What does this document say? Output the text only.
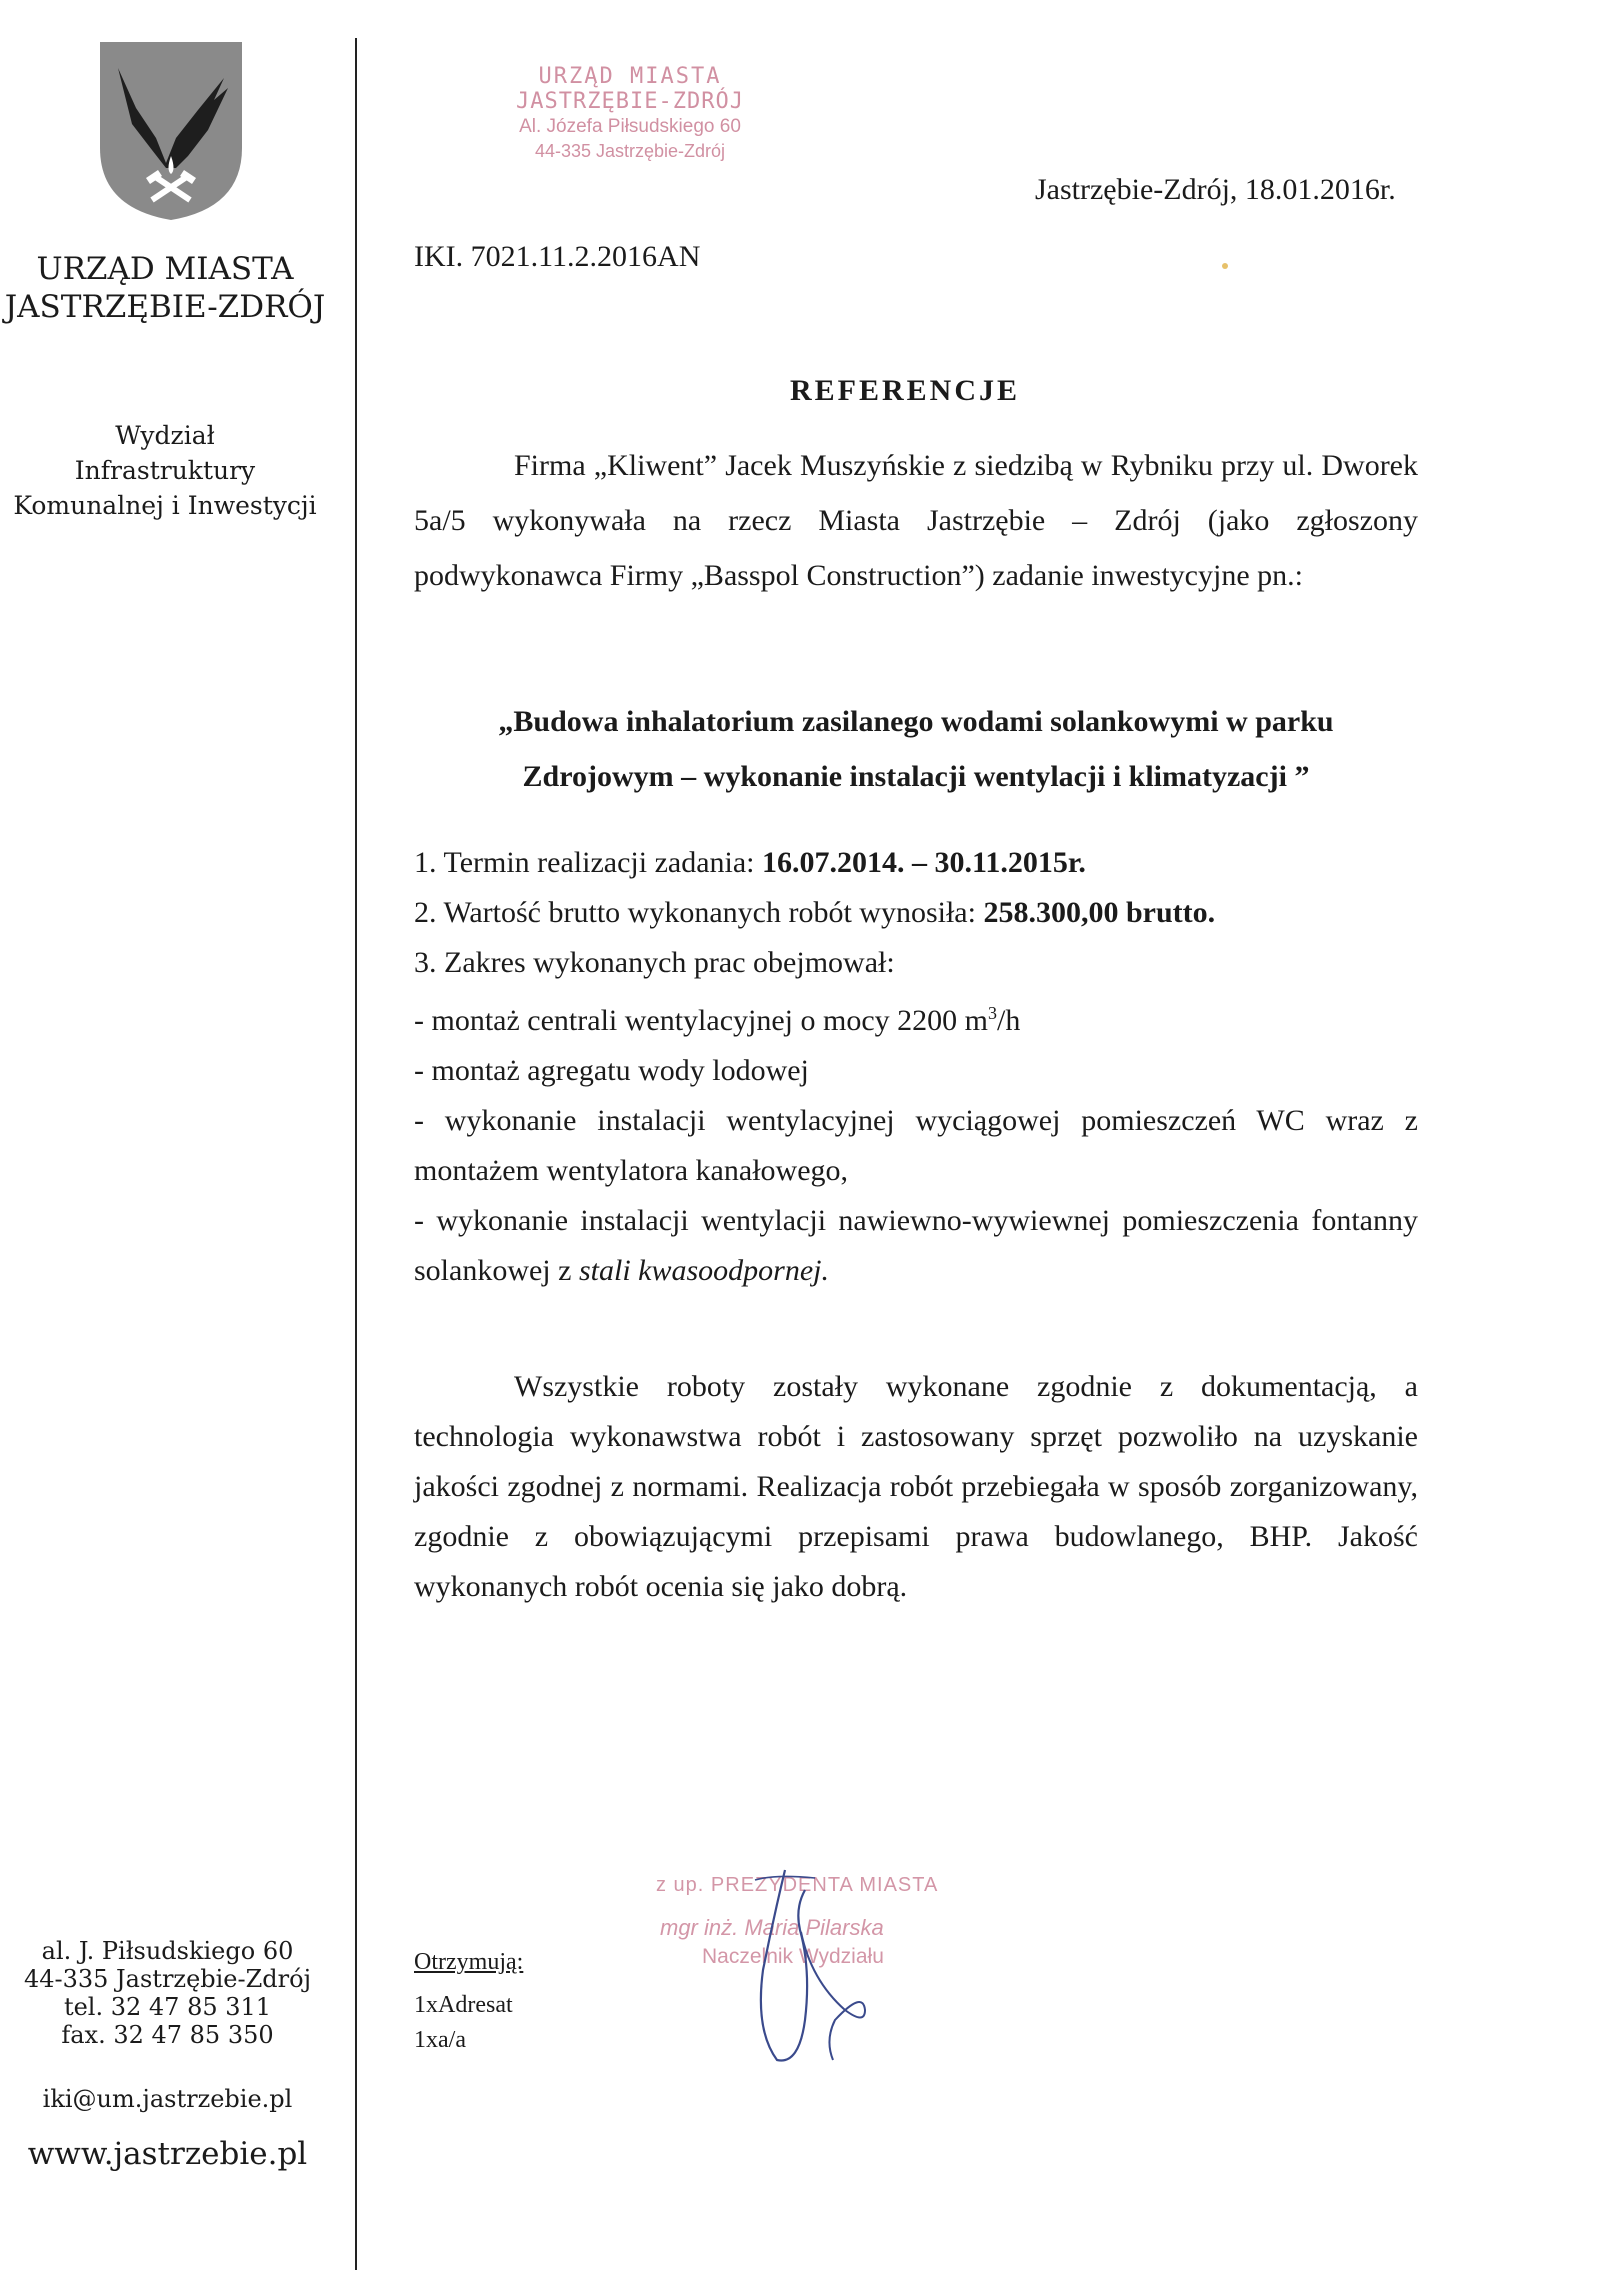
URZĄD MIASTA
JASTRZĘBIE-ZDRÓJ
Wydział
Infrastruktury
Komunalnej i Inwestycji
URZĄD MIASTA
JASTRZĘBIE-ZDRÓJ
Al. Józefa Piłsudskiego 60
44-335 Jastrzębie-Zdrój
Jastrzębie-Zdrój, 18.01.2016r.
IKI. 7021.11.2.2016AN
REFERENCJE
Firma „Kliwent” Jacek Muszyńskie z siedzibą w Rybniku przy ul. Dworek 5a/5 wykonywała na rzecz Miasta Jastrzębie – Zdrój (jako zgłoszony podwykonawca Firmy „Basspol Construction”) zadanie inwestycyjne pn.:
„Budowa inhalatorium zasilanego wodami solankowymi w parku
Zdrojowym – wykonanie instalacji wentylacji i klimatyzacji ”
1. Termin realizacji zadania: 16.07.2014. – 30.11.2015r.
2. Wartość brutto wykonanych robót wynosiła: 258.300,00 brutto.
3. Zakres wykonanych prac obejmował:
- montaż centrali wentylacyjnej o mocy 2200 $m^3/h$
- montaż agregatu wody lodowej
- wykonanie instalacji wentylacyjnej wyciągowej pomieszczeń WC wraz z montażem wentylatora kanałowego,
- wykonanie instalacji wentylacji nawiewno-wywiewnej pomieszczenia fontanny solankowej z stali kwasoodpornej.
Wszystkie roboty zostały wykonane zgodnie z dokumentacją, a technologia wykonawstwa robót i zastosowany sprzęt pozwoliło na uzyskanie jakości zgodnej z normami. Realizacja robót przebiegała w sposób zorganizowany, zgodnie z obowiązującymi przepisami prawa budowlanego, BHP. Jakość wykonanych robót ocenia się jako dobrą.
z up. PREZYDENTA MIASTA
mgr inż. Maria Pilarska
Naczelnik Wydziału
Otrzymują:
1xAdresat
1xa/a
al. J. Piłsudskiego 60
44-335 Jastrzębie-Zdrój
tel. 32 47 85 311
fax. 32 47 85 350
iki@um.jastrzebie.pl
www.jastrzebie.pl
